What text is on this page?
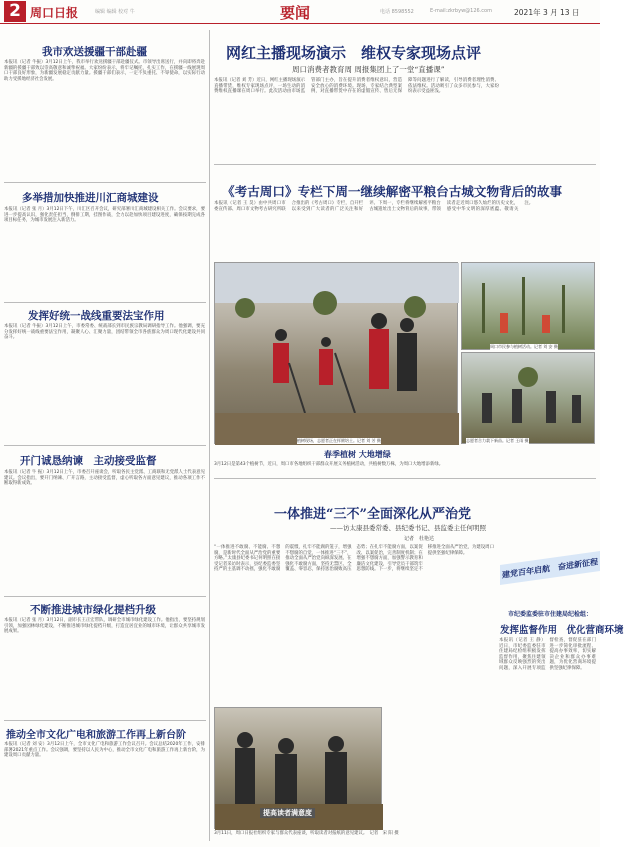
2 周口日报	编辑 编辑 校对 牛	要闻	电话 8598552	E-mail:zkrbyw@126.com	2021年 3 月 13 日
我市欢送援疆干部赴疆
本报讯（记者 牛振）3月12日上午，我市举行欢送援疆干部赴疆仪式。市领导出席送行，并向即将奔赴新疆的援疆干部致以崇高敬意和诚挚祝福。大家纷纷表示，将牢记嘱托，扎实工作，在援疆一线展现周口干部良好形象，为新疆发展稳定贡献力量。援疆干部们表示，一定不负重托、不辱使命，以实际行动助力受援地经济社会发展。
多举措加快推进川汇商城建设
本报讯（记者 张 月）3月12日下午，川汇区召开会议，研究部署川汇商城建设相关工作。会议要求，要进一步提高认识，强化责任担当，倒排工期，挂图作战，全力以赴加快项目建设进度，确保按期完成各项目标任务，为城市发展注入新活力。
发挥好统一战线重要法宝作用
本报讯（记者 牛振）3月12日上午，市委常委、统战部长到市民族宗教局调研指导工作。他强调，要充分发挥好统一战线重要法宝作用，凝聚人心、汇聚力量，团结带领全市各族群众为周口现代化建设共同奋斗。
开门诚恳纳谏　主动接受监督
本报讯（记者 牛 振）3月12日上午，市委召开座谈会，听取各民主党派、工商联和无党派人士代表意见建议。会议指出，要开门纳谏、广开言路，主动接受监督，虚心听取各方面意见建议，推动各项工作不断取得新成效。
不断推进城市绿化提档升级
本报讯（记者 张 月）3月12日，副市长王正宏带队，调研全市城市绿化建设工作。他指出，要坚持规划引领，加强园林绿化建设，不断推进城市绿化提档升级，打造宜居宜业的城市环境，让群众共享城市发展成果。
推动全市文化广电和旅游工作再上新台阶
本报讯（记者 刘 安）3月12日上午，全市文化广电和旅游工作会议召开。会议总结2020年工作，安排部署2021年重点工作。会议强调，要坚持以人民为中心，推动全市文化广电和旅游工作再上新台阶，为建设周口贡献力量。
网红主播现场演示　维权专家现场点评
周口消费者教育周 周报集团上了一堂“直播课”
本报讯（记者 刘 芳）近日，网红主播现场演示直播带货，维权专家现场点评，一场生动的消费维权直播课在周口举行。此次活动由市场监管部门主办，旨在提升消费者维权意识，营造安全放心的消费环境。现场，专家结合典型案例，对直播带货中存在的虚假宣传、售后无保障等问题进行了解读，引导消费者理性消费、依法维权。活动吸引了众多市民参与，大家纷纷表示受益匪浅。
《考古周口》专栏下周一继续解密平粮台古城文物背后的故事
本报讯（记者 王 昊）由中共周口市委宣传部、周口市文物考古研究所联合推出的《考古周口》专栏，自开栏以来受到广大读者的广泛关注和好评。下周一，专栏将继续解密平粮台古城遗址出土文物背后的故事，带领读者走近周口悠久灿烂的历史文化，感受中华文明的深厚底蕴。敬请关注。
植树现场，志愿者正在挥锹培土。记者 刘 芳 摄
周口市民参与植树活动。记者 刘 安 摄
志愿者合力栽下新苗。记者 王雨 摄
春季植树 大地增绿
3月12日是第43个植树节，近日，周口市各地组织干部群众开展义务植树活动，共植树数万株，为周口大地增添新绿。
一体推进“三不”全面深化从严治党
——访太康县委常委、县纪委书记、县监委主任何明照
记者　杜艳达
“一体推进不敢腐、不能腐、不想腐，是新时代全面从严治党的重要方略。”太康县纪委书记何明照在接受记者采访时表示，县纪委监委坚持严的主基调不动摇，强化不敢腐的震慑，扎牢不能腐的笼子，增强不想腐的自觉，一体推进“三不”，推动全面从严治党向纵深发展。在强化不敢腐方面，坚持无禁区、全覆盖、零容忍，保持惩治腐败高压态势；在扎牢不能腐方面，以案促改、以案促治，完善制度机制；在增强不想腐方面，加强警示教育和廉洁文化建设，引导党员干部筑牢思想防线。下一步，将继续坚定不移推进全面从严治党，为建设周口提供坚强纪律保障。
建党百年启航　奋进新征程
提高读者满意度
3月11日，周口日报社组织专家与群众代表座谈，听取读者对报纸的意见建议。　记者　宋 阳 摄
市纪委监委驻市住建局纪检组：
发挥监督作用　优化营商环境
本报讯（记者 王 静）近日，市纪委监委驻市住建局纪检组积极发挥监督作用，聚焦住建领域群众反映强烈的突出问题，深入开展专项监督检查，督促驻在部门进一步简化审批流程、提高办事效率，切实解决企业和群众办事难题，为优化营商环境提供坚强纪律保障。
